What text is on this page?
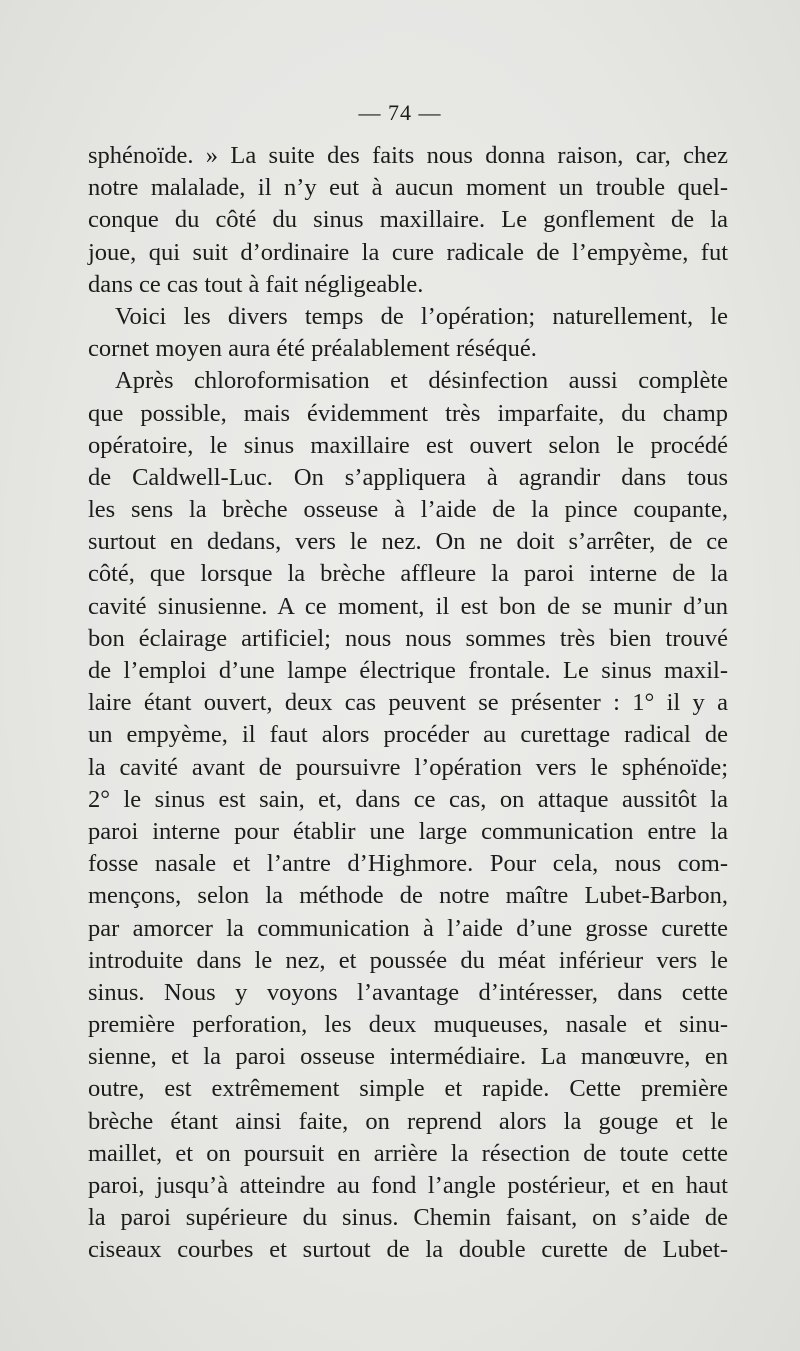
— 74 —
sphénoïde. » La suite des faits nous donna raison, car, chez
notre malalade, il n’y eut à aucun moment un trouble quel-
conque du côté du sinus maxillaire. Le gonflement de la
joue, qui suit d’ordinaire la cure radicale de l’empyème, fut
dans ce cas tout à fait négligeable.
Voici les divers temps de l’opération; naturellement, le
cornet moyen aura été préalablement réséqué.
Après chloroformisation et désinfection aussi complète
que possible, mais évidemment très imparfaite, du champ
opératoire, le sinus maxillaire est ouvert selon le procédé
de Caldwell-Luc. On s’appliquera à agrandir dans tous
les sens la brèche osseuse à l’aide de la pince coupante,
surtout en dedans, vers le nez. On ne doit s’arrêter, de ce
côté, que lorsque la brèche affleure la paroi interne de la
cavité sinusienne. A ce moment, il est bon de se munir d’un
bon éclairage artificiel; nous nous sommes très bien trouvé
de l’emploi d’une lampe électrique frontale. Le sinus maxil-
laire étant ouvert, deux cas peuvent se présenter : 1° il y a
un empyème, il faut alors procéder au curettage radical de
la cavité avant de poursuivre l’opération vers le sphénoïde;
2° le sinus est sain, et, dans ce cas, on attaque aussitôt la
paroi interne pour établir une large communication entre la
fosse nasale et l’antre d’Highmore. Pour cela, nous com-
mençons, selon la méthode de notre maître Lubet-Barbon,
par amorcer la communication à l’aide d’une grosse curette
introduite dans le nez, et poussée du méat inférieur vers le
sinus. Nous y voyons l’avantage d’intéresser, dans cette
première perforation, les deux muqueuses, nasale et sinu-
sienne, et la paroi osseuse intermédiaire. La manœuvre, en
outre, est extrêmement simple et rapide. Cette première
brèche étant ainsi faite, on reprend alors la gouge et le
maillet, et on poursuit en arrière la résection de toute cette
paroi, jusqu’à atteindre au fond l’angle postérieur, et en haut
la paroi supérieure du sinus. Chemin faisant, on s’aide de
ciseaux courbes et surtout de la double curette de Lubet-
